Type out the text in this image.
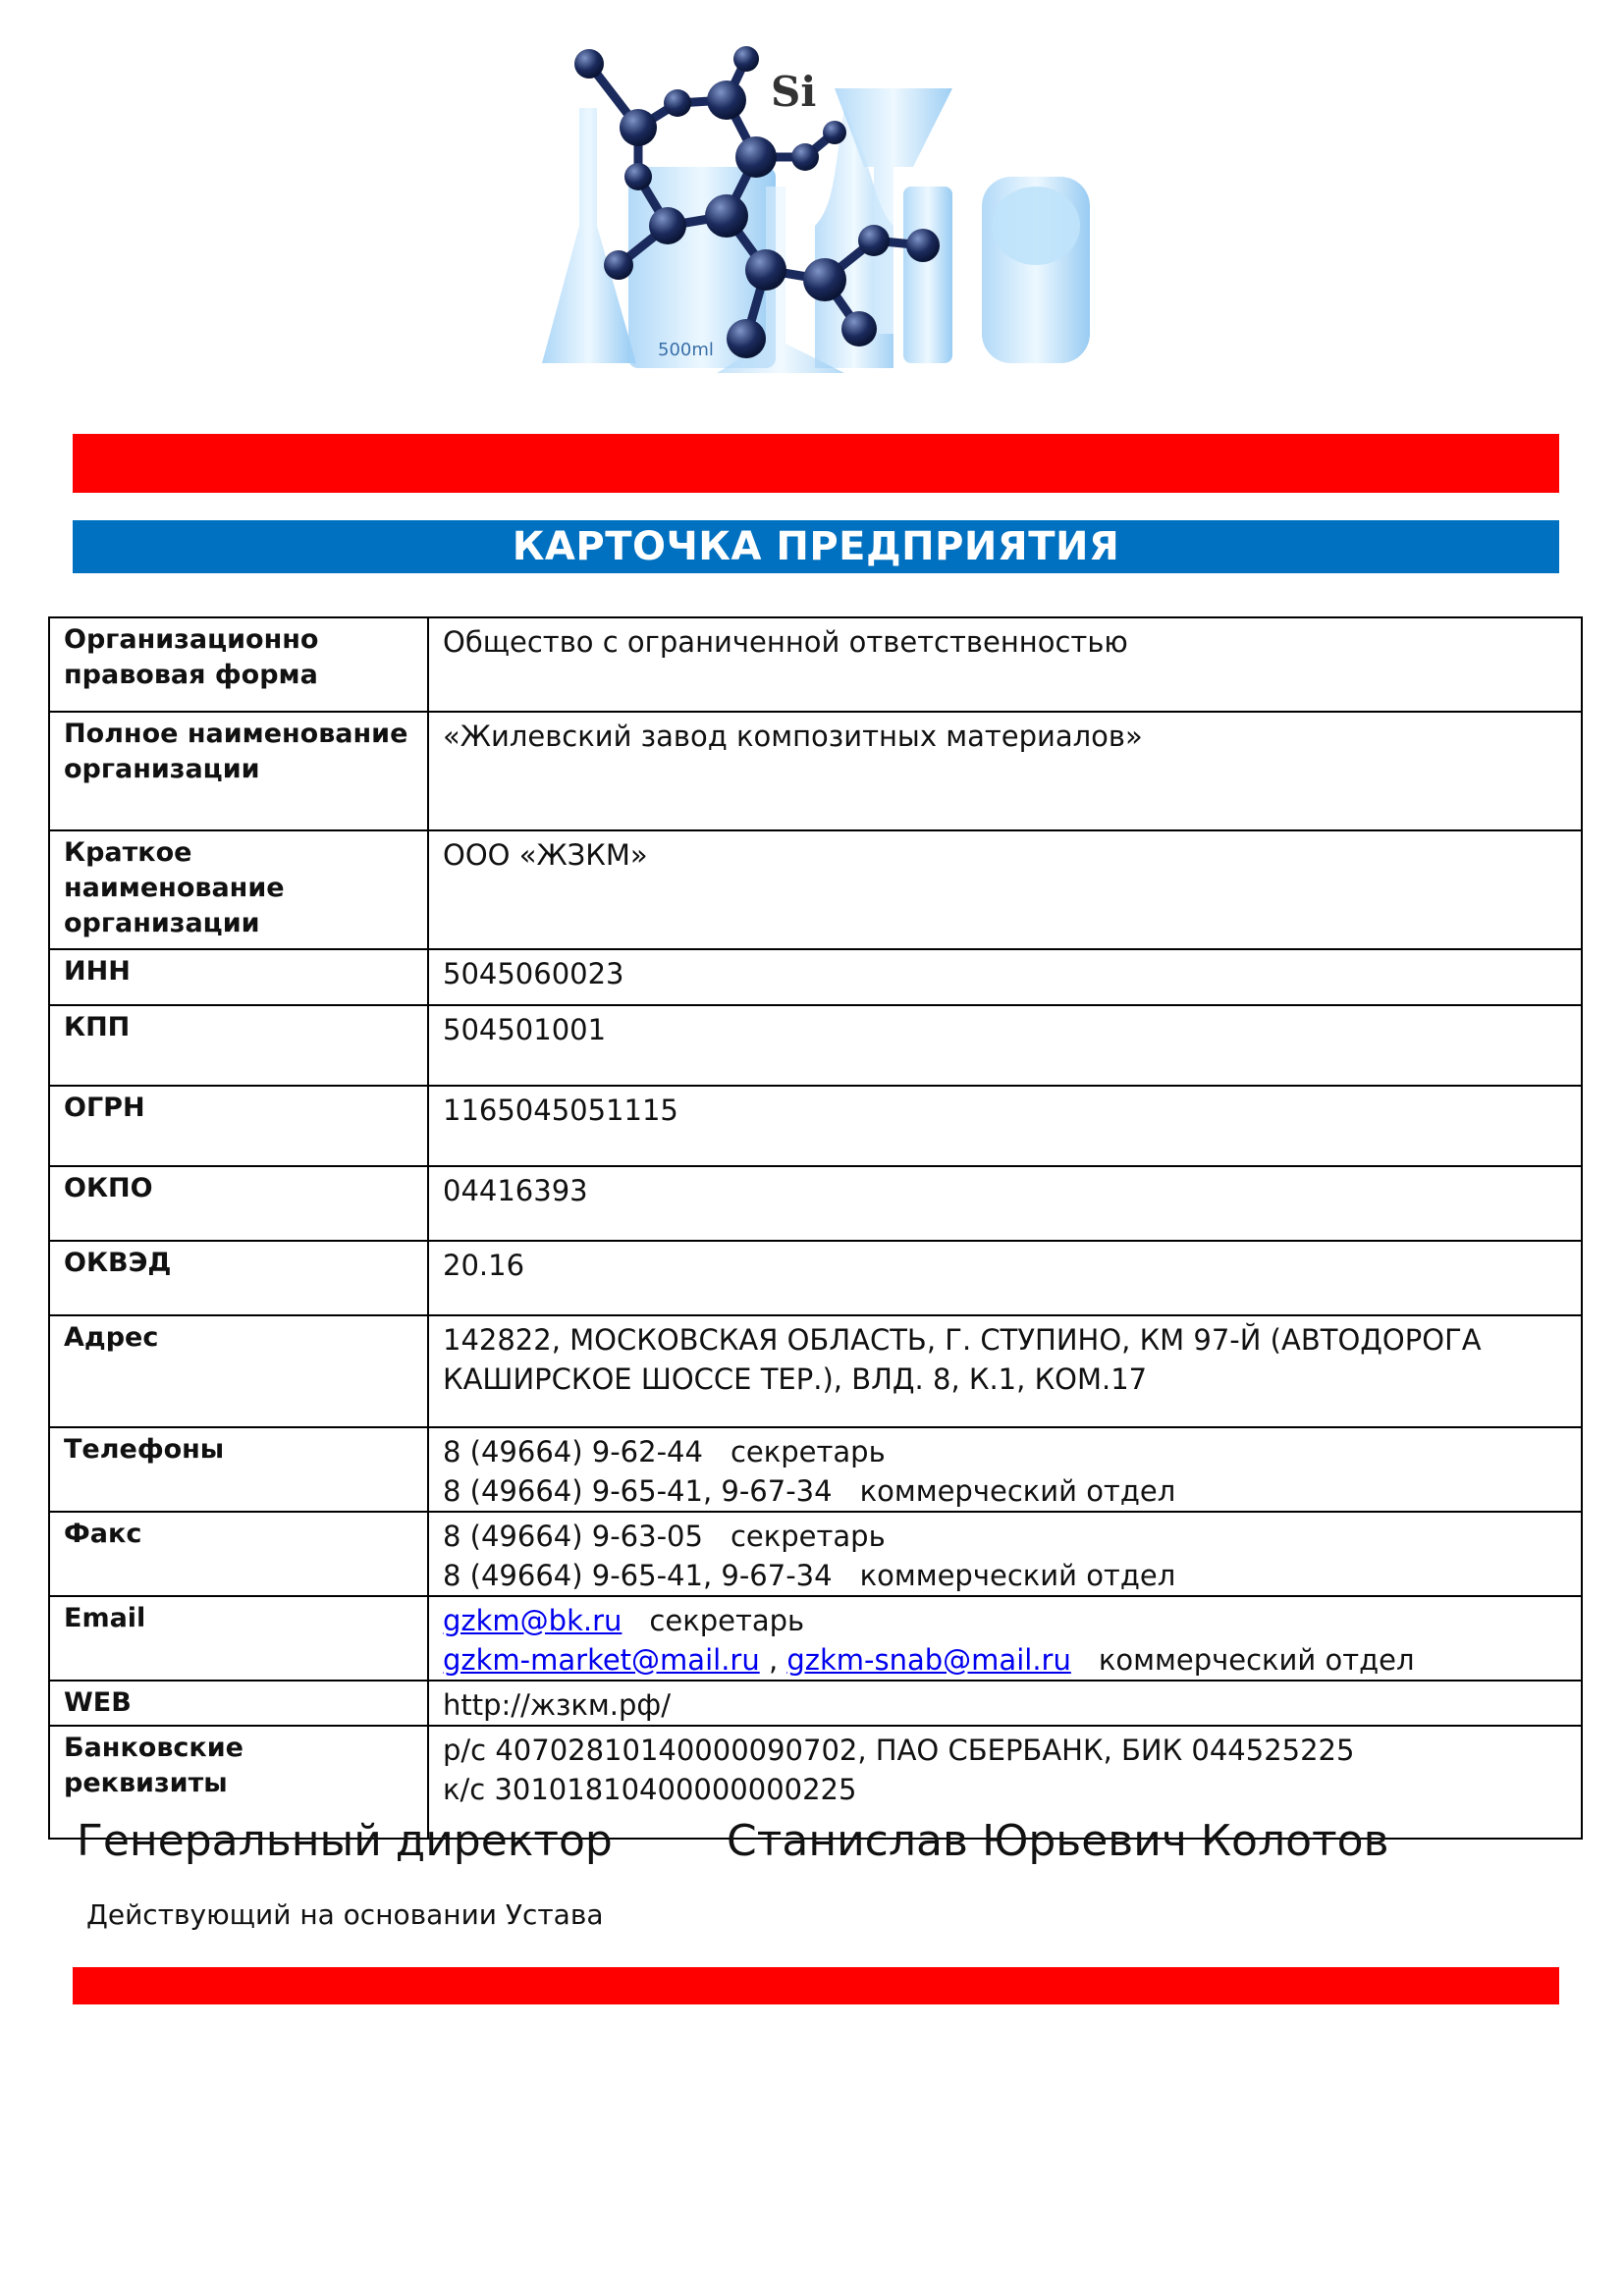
500ml
Si
КАРТОЧКА ПРЕДПРИЯТИЯ
Организационно правовая форма	Общество с ограниченной ответственностью
Полное наименование организации	«Жилевский завод композитных материалов»
Краткое наименование организации	ООО «ЖЗКМ»
ИНН	5045060023
КПП	504501001
ОГРН	1165045051115
ОКПО	04416393
ОКВЭД	20.16
Адрес	142822, МОСКОВСКАЯ ОБЛАСТЬ, Г. СТУПИНО, КМ 97-Й (АВТОДОРОГА
КАШИРСКОЕ ШОССЕ ТЕР.), ВЛД. 8, К.1, КОМ.17

Телефоны	8 (49664) 9-62-44 секретарь
8 (49664) 9-65-41, 9-67-34 коммерческий отдел

Факс	8 (49664) 9-63-05 секретарь
8 (49664) 9-65-41, 9-67-34 коммерческий отдел

Email	gzkm@bk.ru секретарь
gzkm-market@mail.ru , gzkm-snab@mail.ru коммерческий отдел

WEB	http://жзкм.рф/
Банковские реквизиты	р/с 40702810140000090702, ПАО СБЕРБАНК, БИК 044525225
к/с 30101810400000000225
Генеральный директор	Станислав Юрьевич Колотов
Действующий на основании Устава
